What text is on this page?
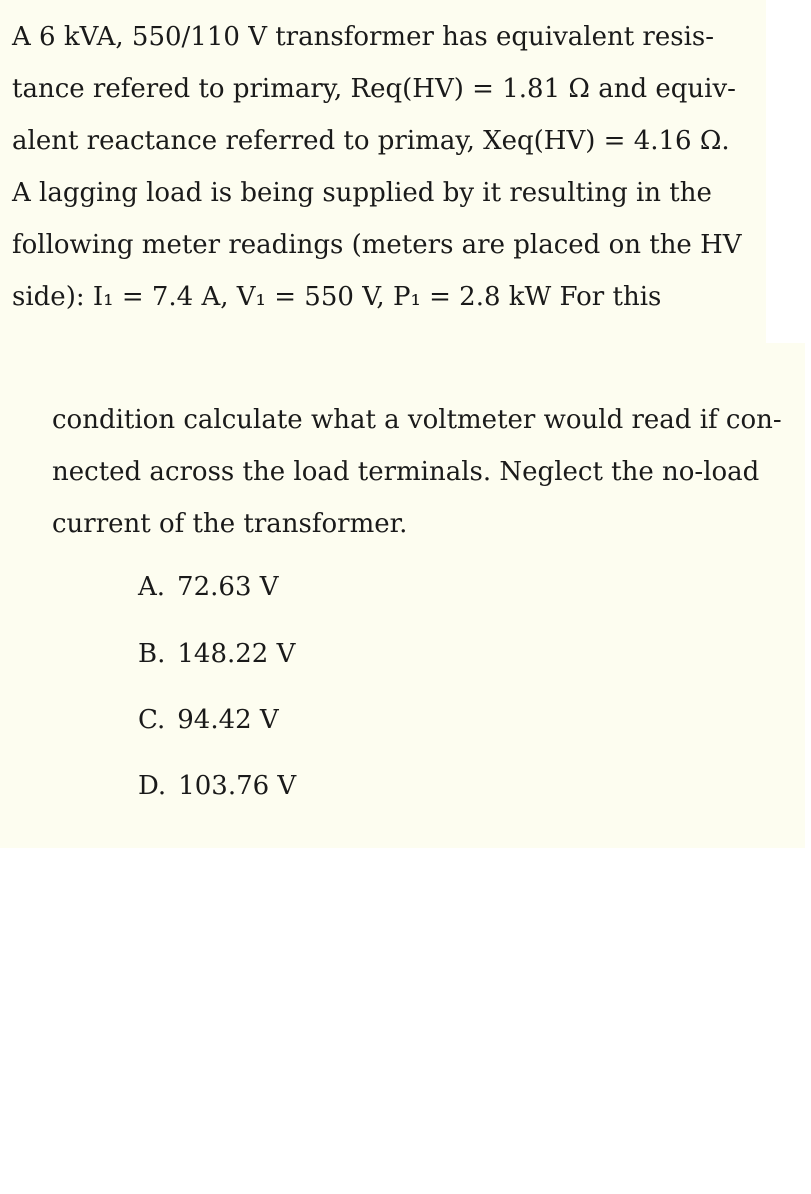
A 6 kVA, 550/110 V transformer has equivalent resis-
tance refered to primary, Req(HV) = 1.81 Ω and equiv-
alent reactance referred to primay, Xeq(HV) = 4.16 Ω.
A lagging load is being supplied by it resulting in the
following meter readings (meters are placed on the HV
side): I₁ = 7.4 A, V₁ = 550 V, P₁ = 2.8 kW For this
condition calculate what a voltmeter would read if con-
nected across the load terminals. Neglect the no-load
current of the transformer.
A. 72.63 V
B. 148.22 V
C. 94.42 V
D. 103.76 V
